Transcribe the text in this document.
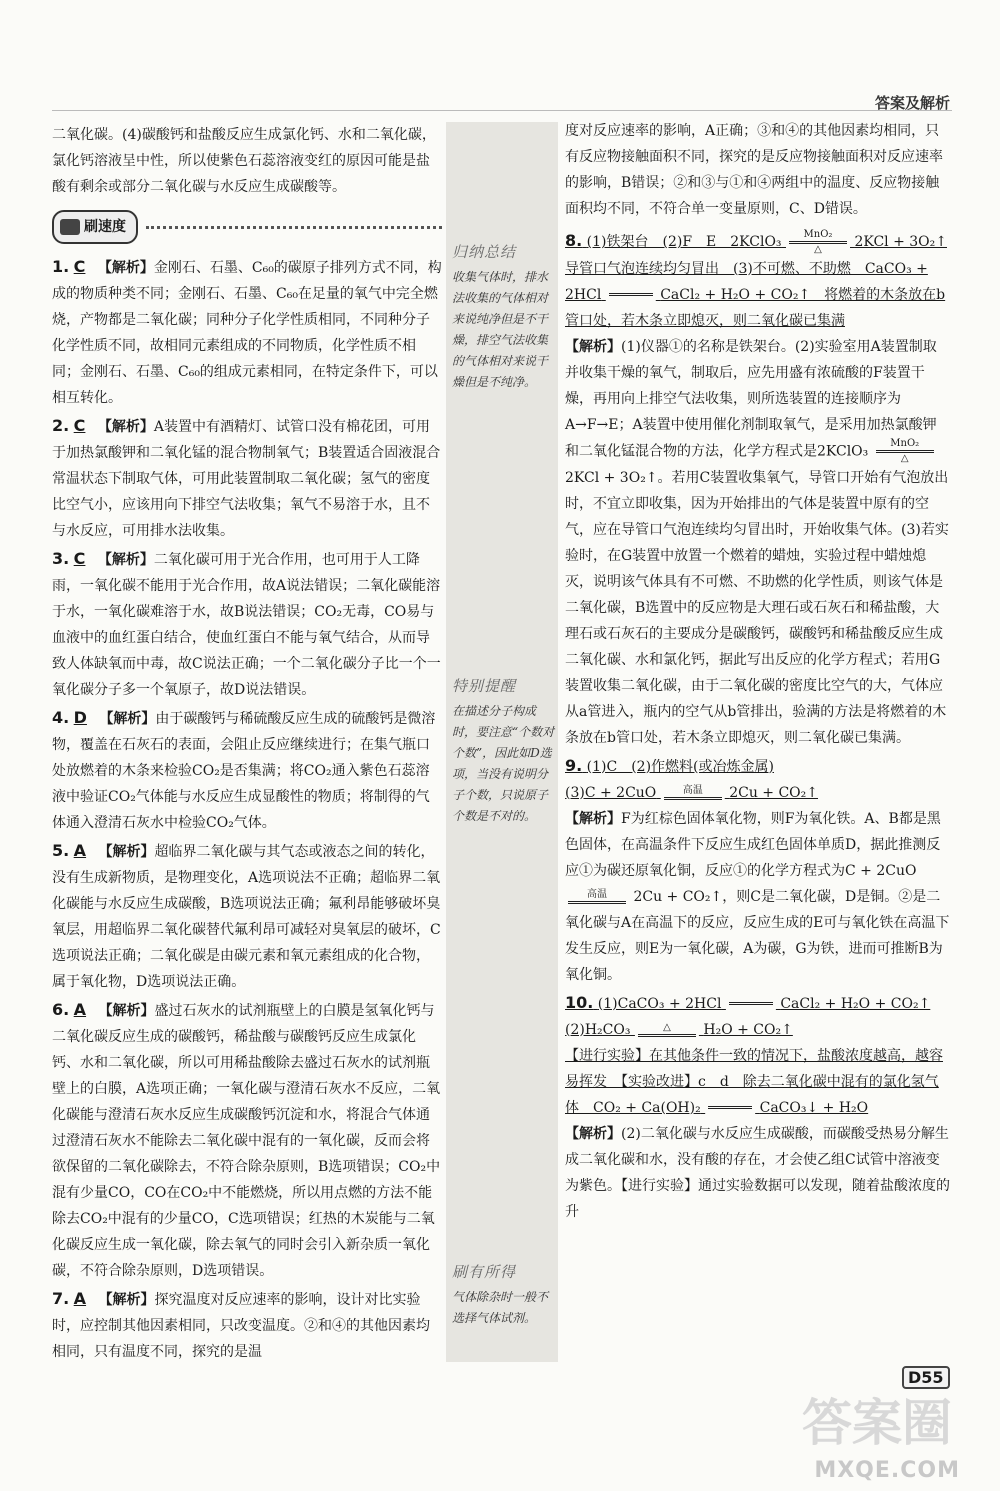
答案及解析

二氧化碳。(4)碳酸钙和盐酸反应生成氯化钙、水和二氧化碳，氯化钙溶液呈中性，所以使紫色石蕊溶液变红的原因可能是盐酸有剩余或部分二氧化碳与水反应生成碳酸等。

刷速度

1. C 【解析】金刚石、石墨、C₆₀的碳原子排列方式不同，构成的物质种类不同；金刚石、石墨、C₆₀在足量的氧气中完全燃烧，产物都是二氧化碳；同种分子化学性质相同，不同种分子化学性质不同，故相同元素组成的不同物质，化学性质不相同；金刚石、石墨、C₆₀的组成元素相同，在特定条件下，可以相互转化。

2. C 【解析】A装置中有酒精灯、试管口没有棉花团，可用于加热氯酸钾和二氧化锰的混合物制氧气；B装置适合固液混合常温状态下制取气体，可用此装置制取二氧化碳；氢气的密度比空气小，应该用向下排空气法收集；氧气不易溶于水，且不与水反应，可用排水法收集。

3. C 【解析】二氧化碳可用于光合作用，也可用于人工降雨，一氧化碳不能用于光合作用，故A说法错误；二氧化碳能溶于水，一氧化碳难溶于水，故B说法错误；CO₂无毒，CO易与血液中的血红蛋白结合，使血红蛋白不能与氧气结合，从而导致人体缺氧而中毒，故C说法正确；一个二氧化碳分子比一个一氧化碳分子多一个氧原子，故D说法错误。

4. D 【解析】由于碳酸钙与稀硫酸反应生成的硫酸钙是微溶物，覆盖在石灰石的表面，会阻止反应继续进行；在集气瓶口处放燃着的木条来检验CO₂是否集满；将CO₂通入紫色石蕊溶液中验证CO₂气体能与水反应生成显酸性的物质；将制得的气体通入澄清石灰水中检验CO₂气体。

5. A 【解析】超临界二氧化碳与其气态或液态之间的转化，没有生成新物质，是物理变化，A选项说法不正确；超临界二氧化碳能与水反应生成碳酸，B选项说法正确；氟利昂能够破坏臭氧层，用超临界二氧化碳替代氟利昂可减轻对臭氧层的破坏，C选项说法正确；二氧化碳是由碳元素和氧元素组成的化合物，属于氧化物，D选项说法正确。

6. A 【解析】盛过石灰水的试剂瓶壁上的白膜是氢氧化钙与二氧化碳反应生成的碳酸钙，稀盐酸与碳酸钙反应生成氯化钙、水和二氧化碳，所以可用稀盐酸除去盛过石灰水的试剂瓶壁上的白膜，A选项正确；一氧化碳与澄清石灰水不反应，二氧化碳能与澄清石灰水反应生成碳酸钙沉淀和水，将混合气体通过澄清石灰水不能除去二氧化碳中混有的一氧化碳，反而会将欲保留的二氧化碳除去，不符合除杂原则，B选项错误；CO₂中混有少量CO，CO在CO₂中不能燃烧，所以用点燃的方法不能除去CO₂中混有的少量CO，C选项错误；红热的木炭能与二氧化碳反应生成一氧化碳，除去氧气的同时会引入新杂质一氧化碳，不符合除杂原则，D选项错误。

7. A 【解析】探究温度对反应速率的影响，设计对比实验时，应控制其他因素相同，只改变温度。②和④的其他因素均相同，只有温度不同，探究的是温

归纳总结
收集气体时，排水法收集的气体相对来说纯净但是不干燥，排空气法收集的气体相对来说干燥但是不纯净。
特别提醒
在描述分子构成时，要注意“个数对个数”，因此如D选项，当没有说明分子个数，只说原子个数是不对的。
刷有所得
气体除杂时一般不选择气体试剂。

度对反应速率的影响，A正确；③和④的其他因素均相同，只有反应物接触面积不同，探究的是反应物接触面积对反应速率的影响，B错误；②和③与①和④两组中的温度、反应物接触面积均不同，不符合单一变量原则，C、D错误。

8. (1)铁架台　(2)F　E　2KClO₃ $\frac{\text{MnO₂}}{\triangle} 2KCl$ + 3O₂↑

导管口气泡连续均匀冒出　(3)不可燃、不助燃　CaCO₃ + 2HCl	CaCl₂ + H₂O + CO₂↑　将燃着的木条放在b管口处，若木条立即熄灭，则二氧化碳已集满

【解析】(1)仪器①的名称是铁架台。(2)实验室用A装置制取并收集干燥的氧气，制取后，应先用盛有浓硫酸的F装置干燥，再用向上排空气法收集，则所选装置的连接顺序为A→F→E；A装置中使用催化剂制取氧气，是采用加热氯酸钾和二氧化锰混合物的方法，化学方程式是2KClO₃ $\frac{\text{MnO₂}}{\triangle}$
2KCl + 3O₂↑。若用C装置收集氧气，导管口开始有气泡放出时，不宜立即收集，因为开始排出的气体是装置中原有的空气，应在导管口气泡连续均匀冒出时，开始收集气体。(3)若实验时，在G装置中放置一个燃着的蜡烛，实验过程中蜡烛熄灭，说明该气体具有不可燃、不助燃的化学性质，则该气体是二氧化碳，B选置中的反应物是大理石或石灰石和稀盐酸，大理石或石灰石的主要成分是碳酸钙，碳酸钙和稀盐酸反应生成二氧化碳、水和氯化钙，据此写出反应的化学方程式；若用G装置收集二氧化碳，由于二氧化碳的密度比空气的大，气体应从a管进入，瓶内的空气从b管排出，验满的方法是将燃着的木条放在b管口处，若木条立即熄灭，则二氧化碳已集满。

9. (1)C　(2)作燃料(或冶炼金属)

(3)C + 2CuO	高温	2Cu + CO₂↑

【解析】F为红棕色固体氧化物，则F为氧化铁。A、B都是黑色固体，在高温条件下反应生成红色固体单质D，据此推测反应①为碳还原氧化铜，反应①的化学方程式为C + 2CuO
高温	2Cu + CO₂↑，则C是二氧化碳，D是铜。②是二氧化碳与A在高温下的反应，反应生成的E可与氧化铁在高温下发生反应，则E为一氧化碳，A为碳，G为铁，进而可推断B为氧化铜。

10. (1)CaCO₃ + 2HCl	CaCl₂ + H₂O + CO₂↑

(2)H₂CO₃	△	H₂O + CO₂↑

【进行实验】在其他条件一致的情况下，盐酸浓度越高，越容易挥发　【实验改进】c　d　除去二氧化碳中混有的氯化氢气体　CO₂ + Ca(OH)₂	CaCO₃↓ + H₂O

【解析】(2)二氧化碳与水反应生成碳酸，而碳酸受热易分解生成二氧化碳和水，没有酸的存在，才会使乙组C试管中溶液变为紫色。【进行实验】通过实验数据可以发现，随着盐酸浓度的升

D55
答案圈
MXQE.COM
